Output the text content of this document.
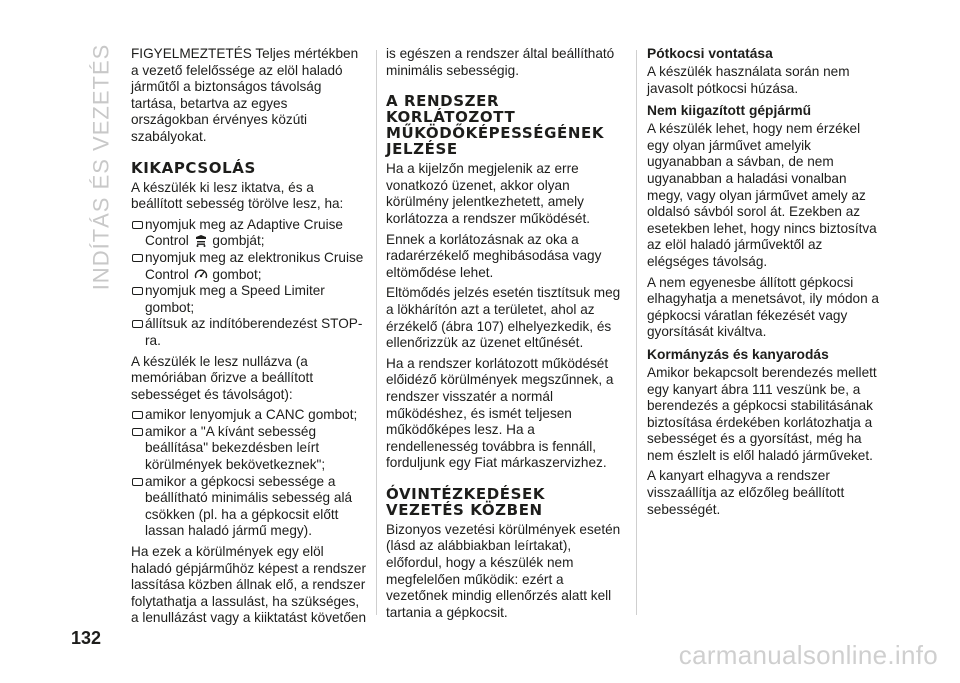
INDÍTÁS ÉS VEZETÉS FIGYELMEZTETÉS Teljes mértékben a vezető felelőssége az elöl haladó járműtől a biztonságos távolság tartása, betartva az egyes országokban érvényes közúti szabályokat.

KIKAPCSOLÁS

A készülék ki lesz iktatva, és a beállított sebesség törölve lesz, ha:

nyomjuk meg az Adaptive Cruise Control gombját;

nyomjuk meg az elektronikus Cruise Control gombot;

nyomjuk meg a Speed Limiter gombot;

állítsuk az indítóberendezést STOP-ra.

A készülék le lesz nullázva (a memóriában őrizve a beállított sebességet és távolságot):

amikor lenyomjuk a CANC gombot;

amikor a "A kívánt sebesség beállítása" bekezdésben leírt körülmények bekövetkeznek";

amikor a gépkocsi sebessége a beállítható minimális sebesség alá csökken (pl. ha a gépkocsit előtt lassan haladó jármű megy).

Ha ezek a körülmények egy elöl haladó gépjárműhöz képest a rendszer lassítása közben állnak elő, a rendszer folytathatja a lassulást, ha szükséges, a lenullázást vagy a kiiktatást követően

is egészen a rendszer által beállítható minimális sebességig.

A RENDSZER KORLÁTOZOTT MŰKÖDŐKÉPESSÉGÉNEK JELZÉSE

Ha a kijelzőn megjelenik az erre vonatkozó üzenet, akkor olyan körülmény jelentkezhetett, amely korlátozza a rendszer működését.

Ennek a korlátozásnak az oka a radarérzékelő meghibásodása vagy eltömődése lehet.

Eltömődés jelzés esetén tisztítsuk meg a lökhárítón azt a területet, ahol az érzékelő (ábra 107) elhelyezkedik, és ellenőrizzük az üzenet eltűnését.

Ha a rendszer korlátozott működését előidéző körülmények megszűnnek, a rendszer visszatér a normál működéshez, és ismét teljesen működőképes lesz. Ha a rendellenesség továbbra is fennáll, forduljunk egy Fiat márkaszervizhez.

ÓVINTÉZKEDÉSEK VEZETÉS KÖZBEN

Bizonyos vezetési körülmények esetén (lásd az alábbiakban leírtakat), előfordul, hogy a készülék nem megfelelően működik: ezért a vezetőnek mindig ellenőrzés alatt kell tartania a gépkocsit.

Pótkocsi vontatása

A készülék használata során nem javasolt pótkocsi húzása.

Nem kiigazított gépjármű

A készülék lehet, hogy nem érzékel egy olyan járművet amelyik ugyanabban a sávban, de nem ugyanabban a haladási vonalban megy, vagy olyan járművet amely az oldalsó sávból sorol át. Ezekben az esetekben lehet, hogy nincs biztosítva az elöl haladó járművektől az elégséges távolság.

A nem egyenesbe állított gépkocsi elhagyhatja a menetsávot, ily módon a gépkocsi váratlan fékezését vagy gyorsítását kiváltva.

Kormányzás és kanyarodás

Amikor bekapcsolt berendezés mellett egy kanyart ábra 111 veszünk be, a berendezés a gépkocsi stabilitásának biztosítása érdekében korlátozhatja a sebességet és a gyorsítást, még ha nem észlelt is elől haladó járműveket.

A kanyart elhagyva a rendszer visszaállítja az előzőleg beállított sebességét.

132
carmanualsonline.info
